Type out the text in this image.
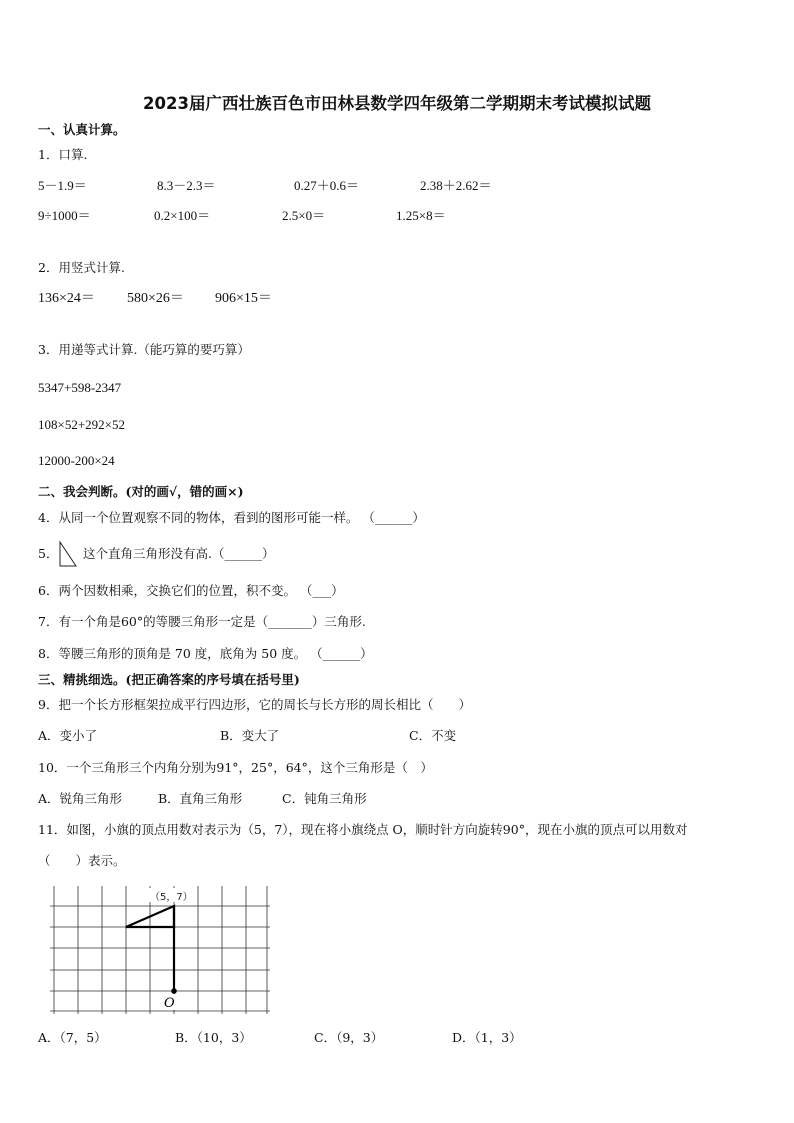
2023届广西壮族百色市田林县数学四年级第二学期期末考试模拟试题
一、认真计算。
1．口算.
5－1.9＝	8.3－2.3＝	0.27＋0.6＝	2.38＋2.62＝
9÷1000＝	0.2×100＝	2.5×0＝	1.25×8＝
2．用竖式计算.
136×24＝ 580×26＝ 906×15＝
3．用递等式计算.（能巧算的要巧算）
5347+598-2347
108×52+292×52
12000-200×24
二、我会判断。(对的画√，错的画×)
4．从同一个位置观察不同的物体，看到的图形可能一样。 （______）
5． 这个直角三角形没有高.（______）
6．两个因数相乘，交换它们的位置，积不变。 （___）
7．有一个角是60°的等腰三角形一定是（_______）三角形.
8．等腰三角形的顶角是 70 度，底角为 50 度。 （______）
三、精挑细选。(把正确答案的序号填在括号里)
9．把一个长方形框架拉成平行四边形，它的周长与长方形的周长相比（　　）
A．变小了	B．变大了	C．不变
10．一个三角形三个内角分别为91°，25°，64°，这个三角形是（　）
A．锐角三角形	B．直角三角形	C．钝角三角形
11．如图，小旗的顶点用数对表示为（5，7），现在将小旗绕点 O，顺时针方向旋转90°，现在小旗的顶点可以用数对
（　　）表示。
（5，7）
O
A．（7，5）	B．（10，3）	C．（9，3）	D．（1，3）
